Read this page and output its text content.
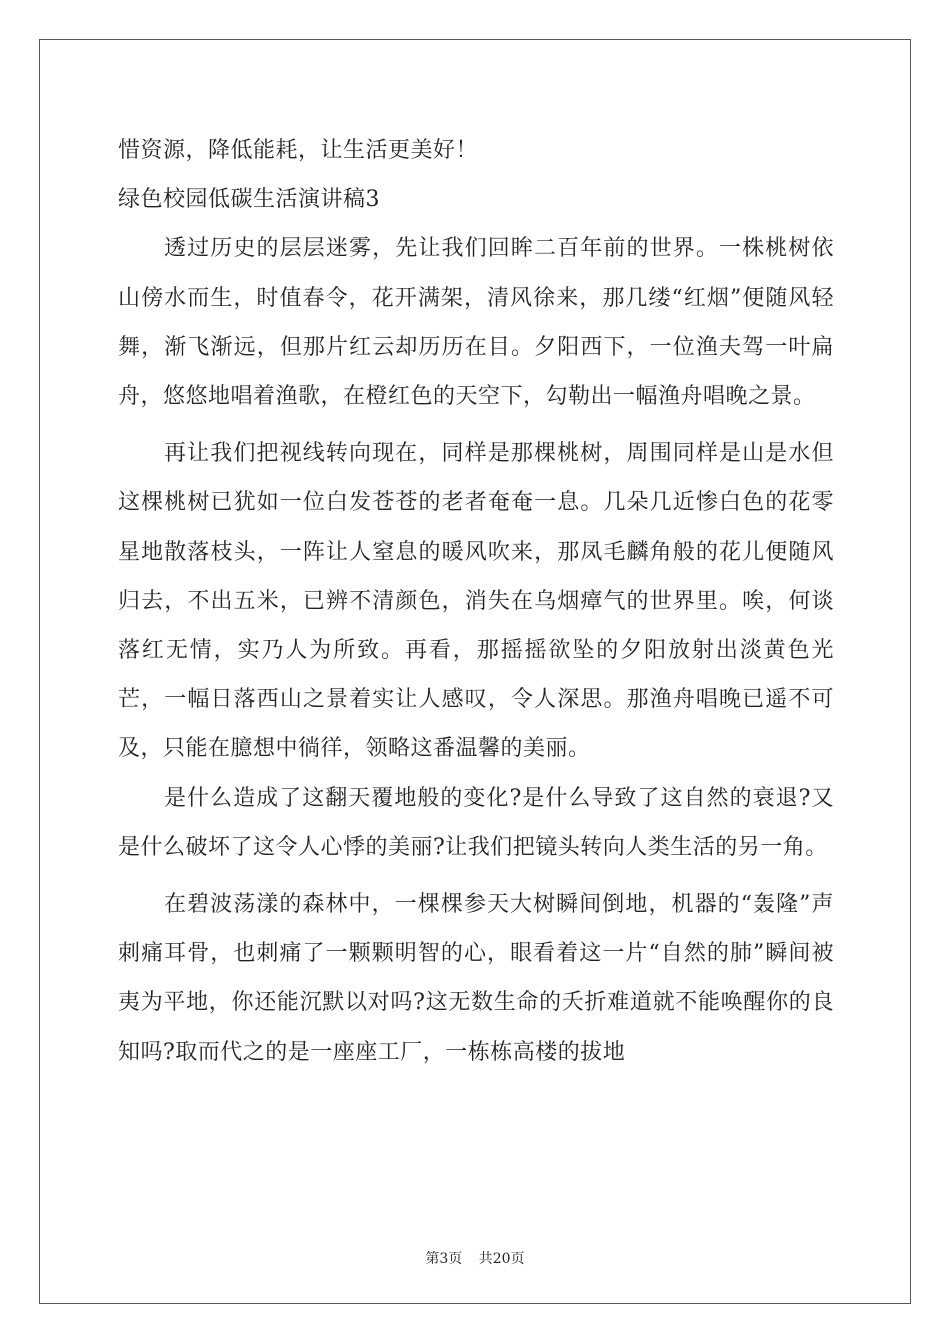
惜资源，降低能耗，让生活更美好！
绿色校园低碳生活演讲稿3

透过历史的层层迷雾，先让我们回眸二百年前的世界。一株桃树依山傍水而生，时值春令，花开满架，清风徐来，那几缕“红烟”便随风轻舞，渐飞渐远，但那片红云却历历在目。夕阳西下，一位渔夫驾一叶扁舟，悠悠地唱着渔歌，在橙红色的天空下，勾勒出一幅渔舟唱晚之景。

再让我们把视线转向现在，同样是那棵桃树，周围同样是山是水但这棵桃树已犹如一位白发苍苍的老者奄奄一息。几朵几近惨白色的花零星地散落枝头，一阵让人窒息的暖风吹来，那凤毛麟角般的花儿便随风归去，不出五米，已辨不清颜色，消失在乌烟瘴气的世界里。唉，何谈落红无情，实乃人为所致。再看，那摇摇欲坠的夕阳放射出淡黄色光芒，一幅日落西山之景着实让人感叹，令人深思。那渔舟唱晚已遥不可及，只能在臆想中徜徉，领略这番温馨的美丽。

是什么造成了这翻天覆地般的变化?是什么导致了这自然的衰退?又是什么破坏了这令人心悸的美丽?让我们把镜头转向人类生活的另一角。

在碧波荡漾的森林中，一棵棵参天大树瞬间倒地，机器的“轰隆”声刺痛耳骨，也刺痛了一颗颗明智的心，眼看着这一片“自然的肺”瞬间被夷为平地，你还能沉默以对吗?这无数生命的夭折难道就不能唤醒你的良知吗?取而代之的是一座座工厂，一栋栋高楼的拔地

第3页 共20页
